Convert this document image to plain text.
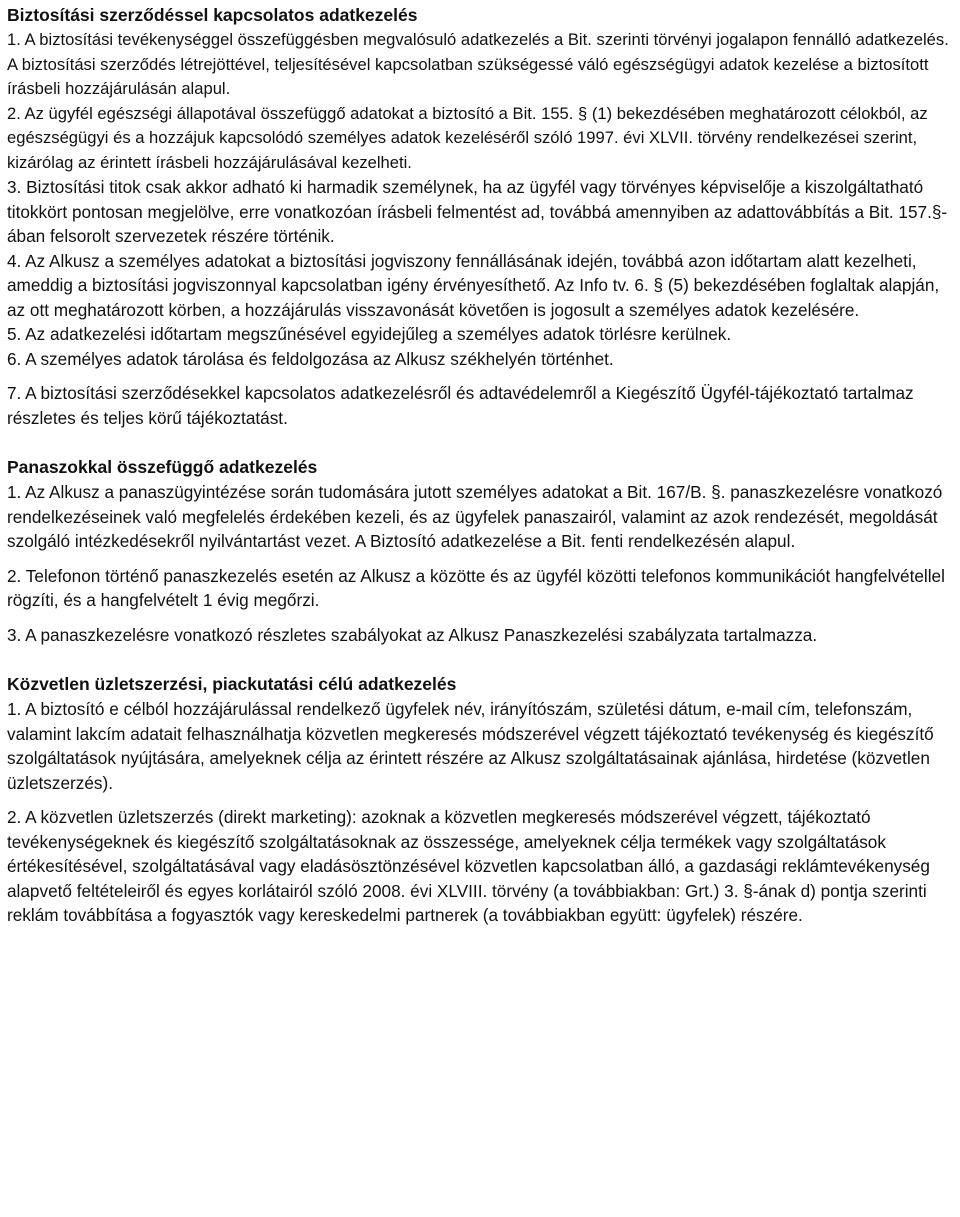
Biztosítási szerződéssel kapcsolatos adatkezelés

1. A biztosítási tevékenységgel összefüggésben megvalósuló adatkezelés a Bit. szerinti törvényi jogalapon fennálló adatkezelés. A biztosítási szerződés létrejöttével, teljesítésével kapcsolatban szükségessé váló egészségügyi adatok kezelése a biztosított írásbeli hozzájárulásán alapul.

2. Az ügyfél egészségi állapotával összefüggő adatokat a biztosító a Bit. 155. § (1) bekezdésében meghatározott célokból, az egészségügyi és a hozzájuk kapcsolódó személyes adatok kezeléséről szóló 1997. évi XLVII. törvény rendelkezései szerint, kizárólag az érintett írásbeli hozzájárulásával kezelheti.

3. Biztosítási titok csak akkor adható ki harmadik személynek, ha az ügyfél vagy törvényes képviselője a kiszolgáltatható titokkört pontosan megjelölve, erre vonatkozóan írásbeli felmentést ad, továbbá amennyiben az adattovábbítás a Bit. 157.§-ában felsorolt szervezetek részére történik.

4. Az Alkusz a személyes adatokat a biztosítási jogviszony fennállásának idején, továbbá azon időtartam alatt kezelheti, ameddig a biztosítási jogviszonnyal kapcsolatban igény érvényesíthető. Az Info tv. 6. § (5) bekezdésében foglaltak alapján, az ott meghatározott körben, a hozzájárulás visszavonását követően is jogosult a személyes adatok kezelésére.

5. Az adatkezelési időtartam megszűnésével egyidejűleg a személyes adatok törlésre kerülnek.

6. A személyes adatok tárolása és feldolgozása az Alkusz székhelyén történhet.

7. A biztosítási szerződésekkel kapcsolatos adatkezelésről és adtavédelemről a Kiegészítő Ügyfél-tájékoztató tartalmaz részletes és teljes körű tájékoztatást.

Panaszokkal összefüggő adatkezelés

1. Az Alkusz a panaszügyintézése során tudomására jutott személyes adatokat a Bit. 167/B. §. panaszkezelésre vonatkozó rendelkezéseinek való megfelelés érdekében kezeli, és az ügyfelek panaszairól, valamint az azok rendezését, megoldását szolgáló intézkedésekről nyilvántartást vezet. A Biztosító adatkezelése a Bit. fenti rendelkezésén alapul.

2. Telefonon történő panaszkezelés esetén az Alkusz a közötte és az ügyfél közötti telefonos kommunikációt hangfelvétellel rögzíti, és a hangfelvételt 1 évig megőrzi.

3. A panaszkezelésre vonatkozó részletes szabályokat az Alkusz Panaszkezelési szabályzata tartalmazza.

Közvetlen üzletszerzési, piackutatási célú adatkezelés

1. A biztosító e célból hozzájárulással rendelkező ügyfelek név, irányítószám, születési dátum, e-mail cím, telefonszám, valamint lakcím adatait felhasználhatja közvetlen megkeresés módszerével végzett tájékoztató tevékenység és kiegészítő szolgáltatások nyújtására, amelyeknek célja az érintett részére az Alkusz szolgáltatásainak ajánlása, hirdetése (közvetlen üzletszerzés).

2. A közvetlen üzletszerzés (direkt marketing): azoknak a közvetlen megkeresés módszerével végzett, tájékoztató tevékenységeknek és kiegészítő szolgáltatásoknak az összessége, amelyeknek célja termékek vagy szolgáltatások értékesítésével, szolgáltatásával vagy eladásösztönzésével közvetlen kapcsolatban álló, a gazdasági reklámtevékenység alapvető feltételeiről és egyes korlátairól szóló 2008. évi XLVIII. törvény (a továbbiakban: Grt.) 3. §-ának d) pontja szerinti reklám továbbítása a fogyasztók vagy kereskedelmi partnerek (a továbbiakban együtt: ügyfelek) részére.
